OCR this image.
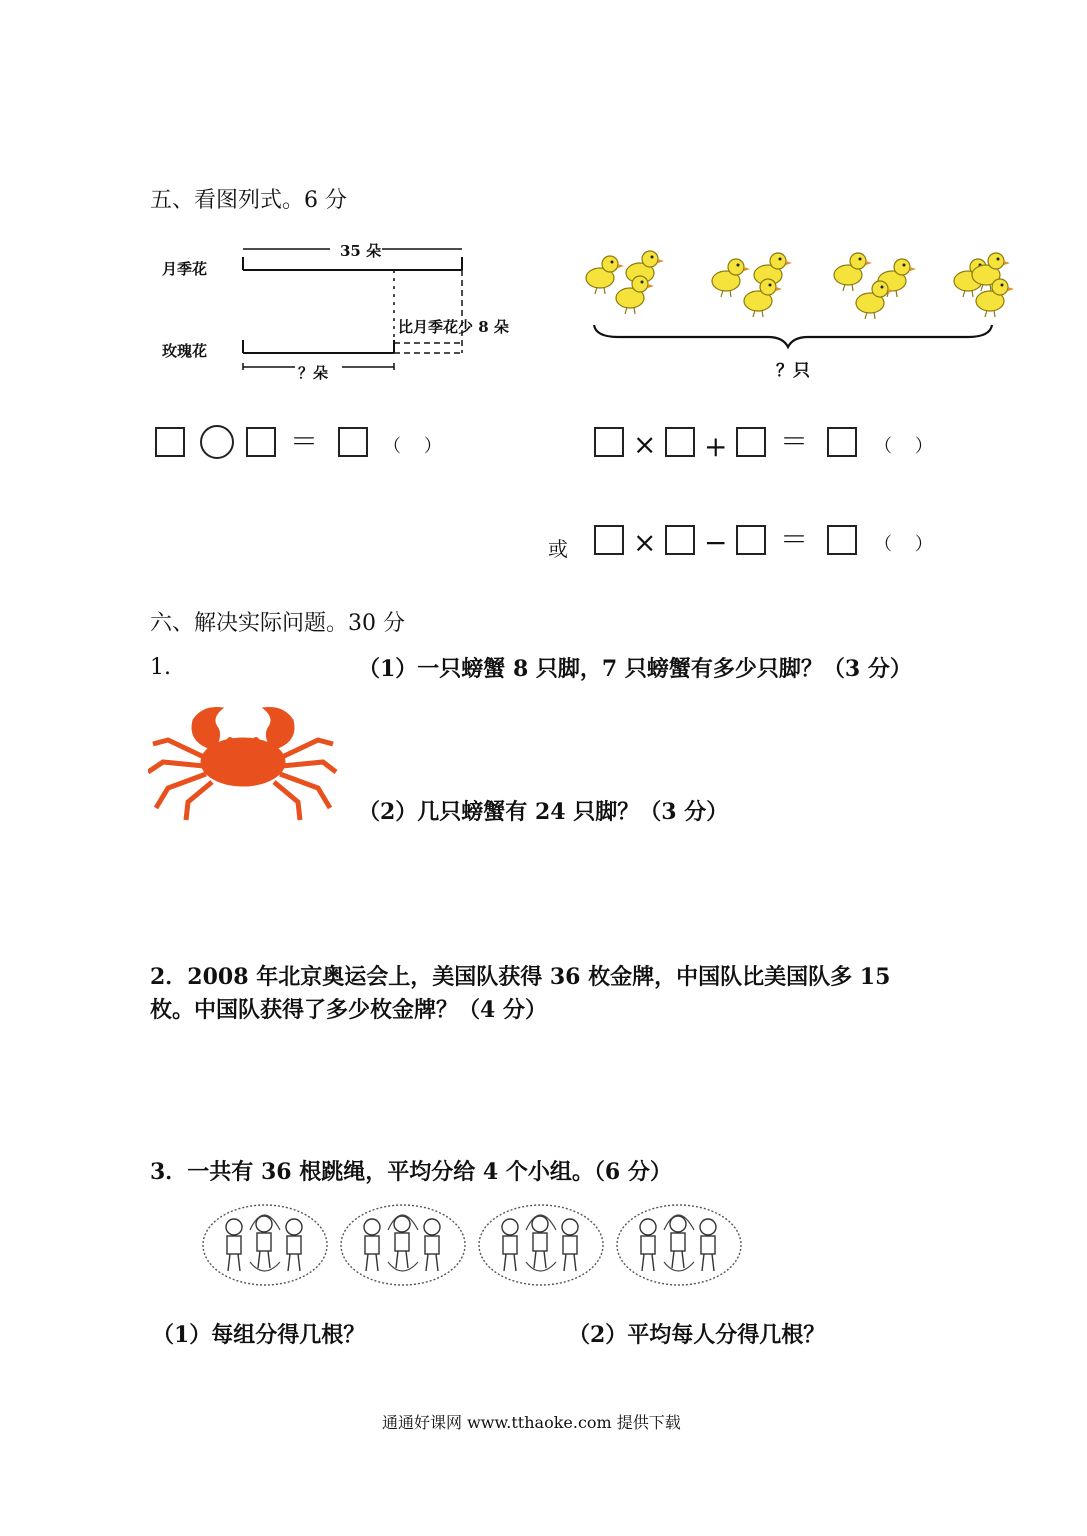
五、看图列式。6 分
月季花
玫瑰花
35 朵
比月季花少 8 朵
？朵	？只
＝	（    ）	× + ＝	（    ）
或 × − ＝	（    ）
六、解决实际问题。30 分
1.	（1）一只螃蟹 8 只脚，7 只螃蟹有多少只脚？（3 分）
（2）几只螃蟹有 24 只脚？（3 分）
2．2008 年北京奥运会上，美国队获得 36 枚金牌，中国队比美国队多 15
枚。中国队获得了多少枚金牌？（4 分）
3．一共有 36 根跳绳，平均分给 4 个小组。（6 分）
（1）每组分得几根？	（2）平均每人分得几根？
通通好课网 www.tthaoke.com 提供下载
